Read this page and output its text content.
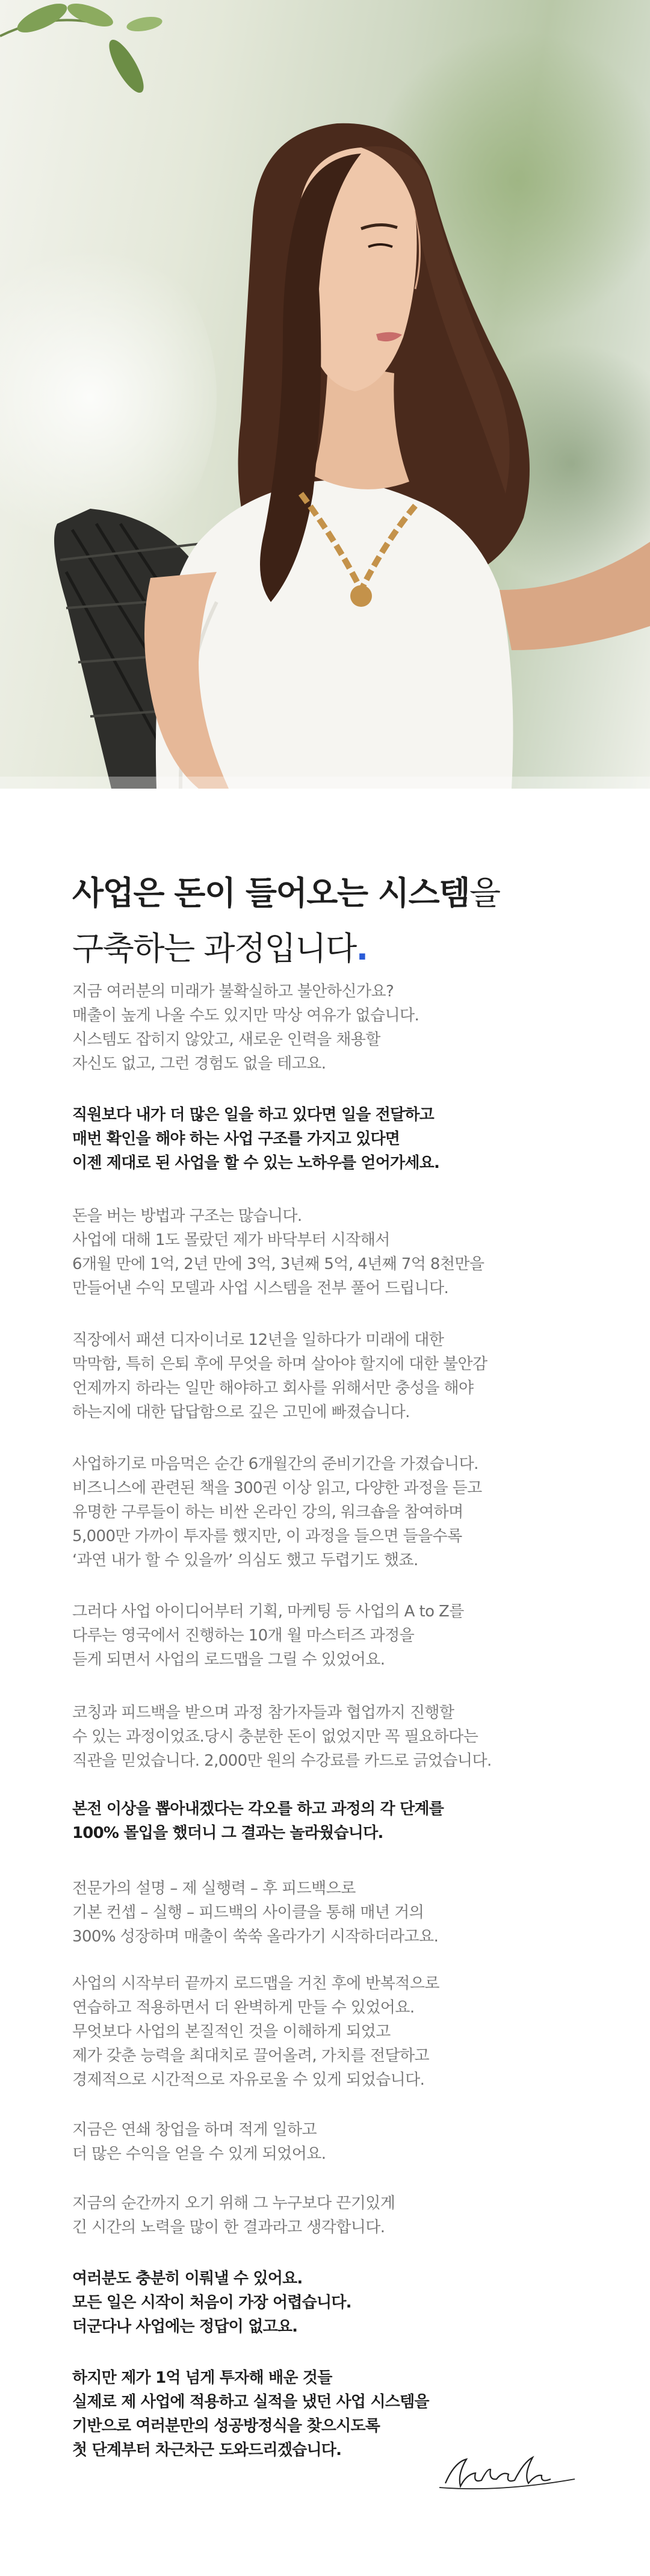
사업은 돈이 들어오는 시스템을
구축하는 과정입니다.

지금 여러분의 미래가 불확실하고 불안하신가요?
매출이 높게 나올 수도 있지만 막상 여유가 없습니다.
시스템도 잡히지 않았고, 새로운 인력을 채용할
자신도 없고, 그런 경험도 없을 테고요.

직원보다 내가 더 많은 일을 하고 있다면 일을 전달하고
매번 확인을 해야 하는 사업 구조를 가지고 있다면
이젠 제대로 된 사업을 할 수 있는 노하우를 얻어가세요.

돈을 버는 방법과 구조는 많습니다.
사업에 대해 1도 몰랐던 제가 바닥부터 시작해서
6개월 만에 1억, 2년 만에 3억, 3년째 5억, 4년째 7억 8천만을
만들어낸 수익 모델과 사업 시스템을 전부 풀어 드립니다.

직장에서 패션 디자이너로 12년을 일하다가 미래에 대한
막막함, 특히 은퇴 후에 무엇을 하며 살아야 할지에 대한 불안감
언제까지 하라는 일만 해야하고 회사를 위해서만 충성을 해야
하는지에 대한 답답함으로 깊은 고민에 빠졌습니다.

사업하기로 마음먹은 순간 6개월간의 준비기간을 가졌습니다.
비즈니스에 관련된 책을 300권 이상 읽고, 다양한 과정을 듣고
유명한 구루들이 하는 비싼 온라인 강의, 워크숍을 참여하며
5,000만 가까이 투자를 했지만, 이 과정을 들으면 들을수록
‘과연 내가 할 수 있을까’ 의심도 했고 두렵기도 했죠.

그러다 사업 아이디어부터 기획, 마케팅 등 사업의 A to Z를
다루는 영국에서 진행하는 10개 월 마스터즈 과정을
듣게 되면서 사업의 로드맵을 그릴 수 있었어요.

코칭과 피드백을 받으며 과정 참가자들과 협업까지 진행할
수 있는 과정이었죠.당시 충분한 돈이 없었지만 꼭 필요하다는
직관을 믿었습니다. 2,000만 원의 수강료를 카드로 긁었습니다.

본전 이상을 뽑아내겠다는 각오를 하고 과정의 각 단계를
100% 몰입을 했더니 그 결과는 놀라웠습니다.

전문가의 설명 – 제 실행력 – 후 피드백으로
기본 컨셉 – 실행 – 피드백의 사이클을 통해 매년 거의
300% 성장하며 매출이 쑥쑥 올라가기 시작하더라고요.

사업의 시작부터 끝까지 로드맵을 거친 후에 반복적으로
연습하고 적용하면서 더 완벽하게 만들 수 있었어요.
무엇보다 사업의 본질적인 것을 이해하게 되었고
제가 갖춘 능력을 최대치로 끌어올려, 가치를 전달하고
경제적으로 시간적으로 자유로울 수 있게 되었습니다.

지금은 연쇄 창업을 하며 적게 일하고
더 많은 수익을 얻을 수 있게 되었어요.

지금의 순간까지 오기 위해 그 누구보다 끈기있게
긴 시간의 노력을 많이 한 결과라고 생각합니다.

여러분도 충분히 이뤄낼 수 있어요.
모든 일은 시작이 처음이 가장 어렵습니다.
더군다나 사업에는 정답이 없고요.

하지만 제가 1억 넘게 투자해 배운 것들
실제로 제 사업에 적용하고 실적을 냈던 사업 시스템을
기반으로 여러분만의 성공방정식을 찾으시도록
첫 단계부터 차근차근 도와드리겠습니다.
